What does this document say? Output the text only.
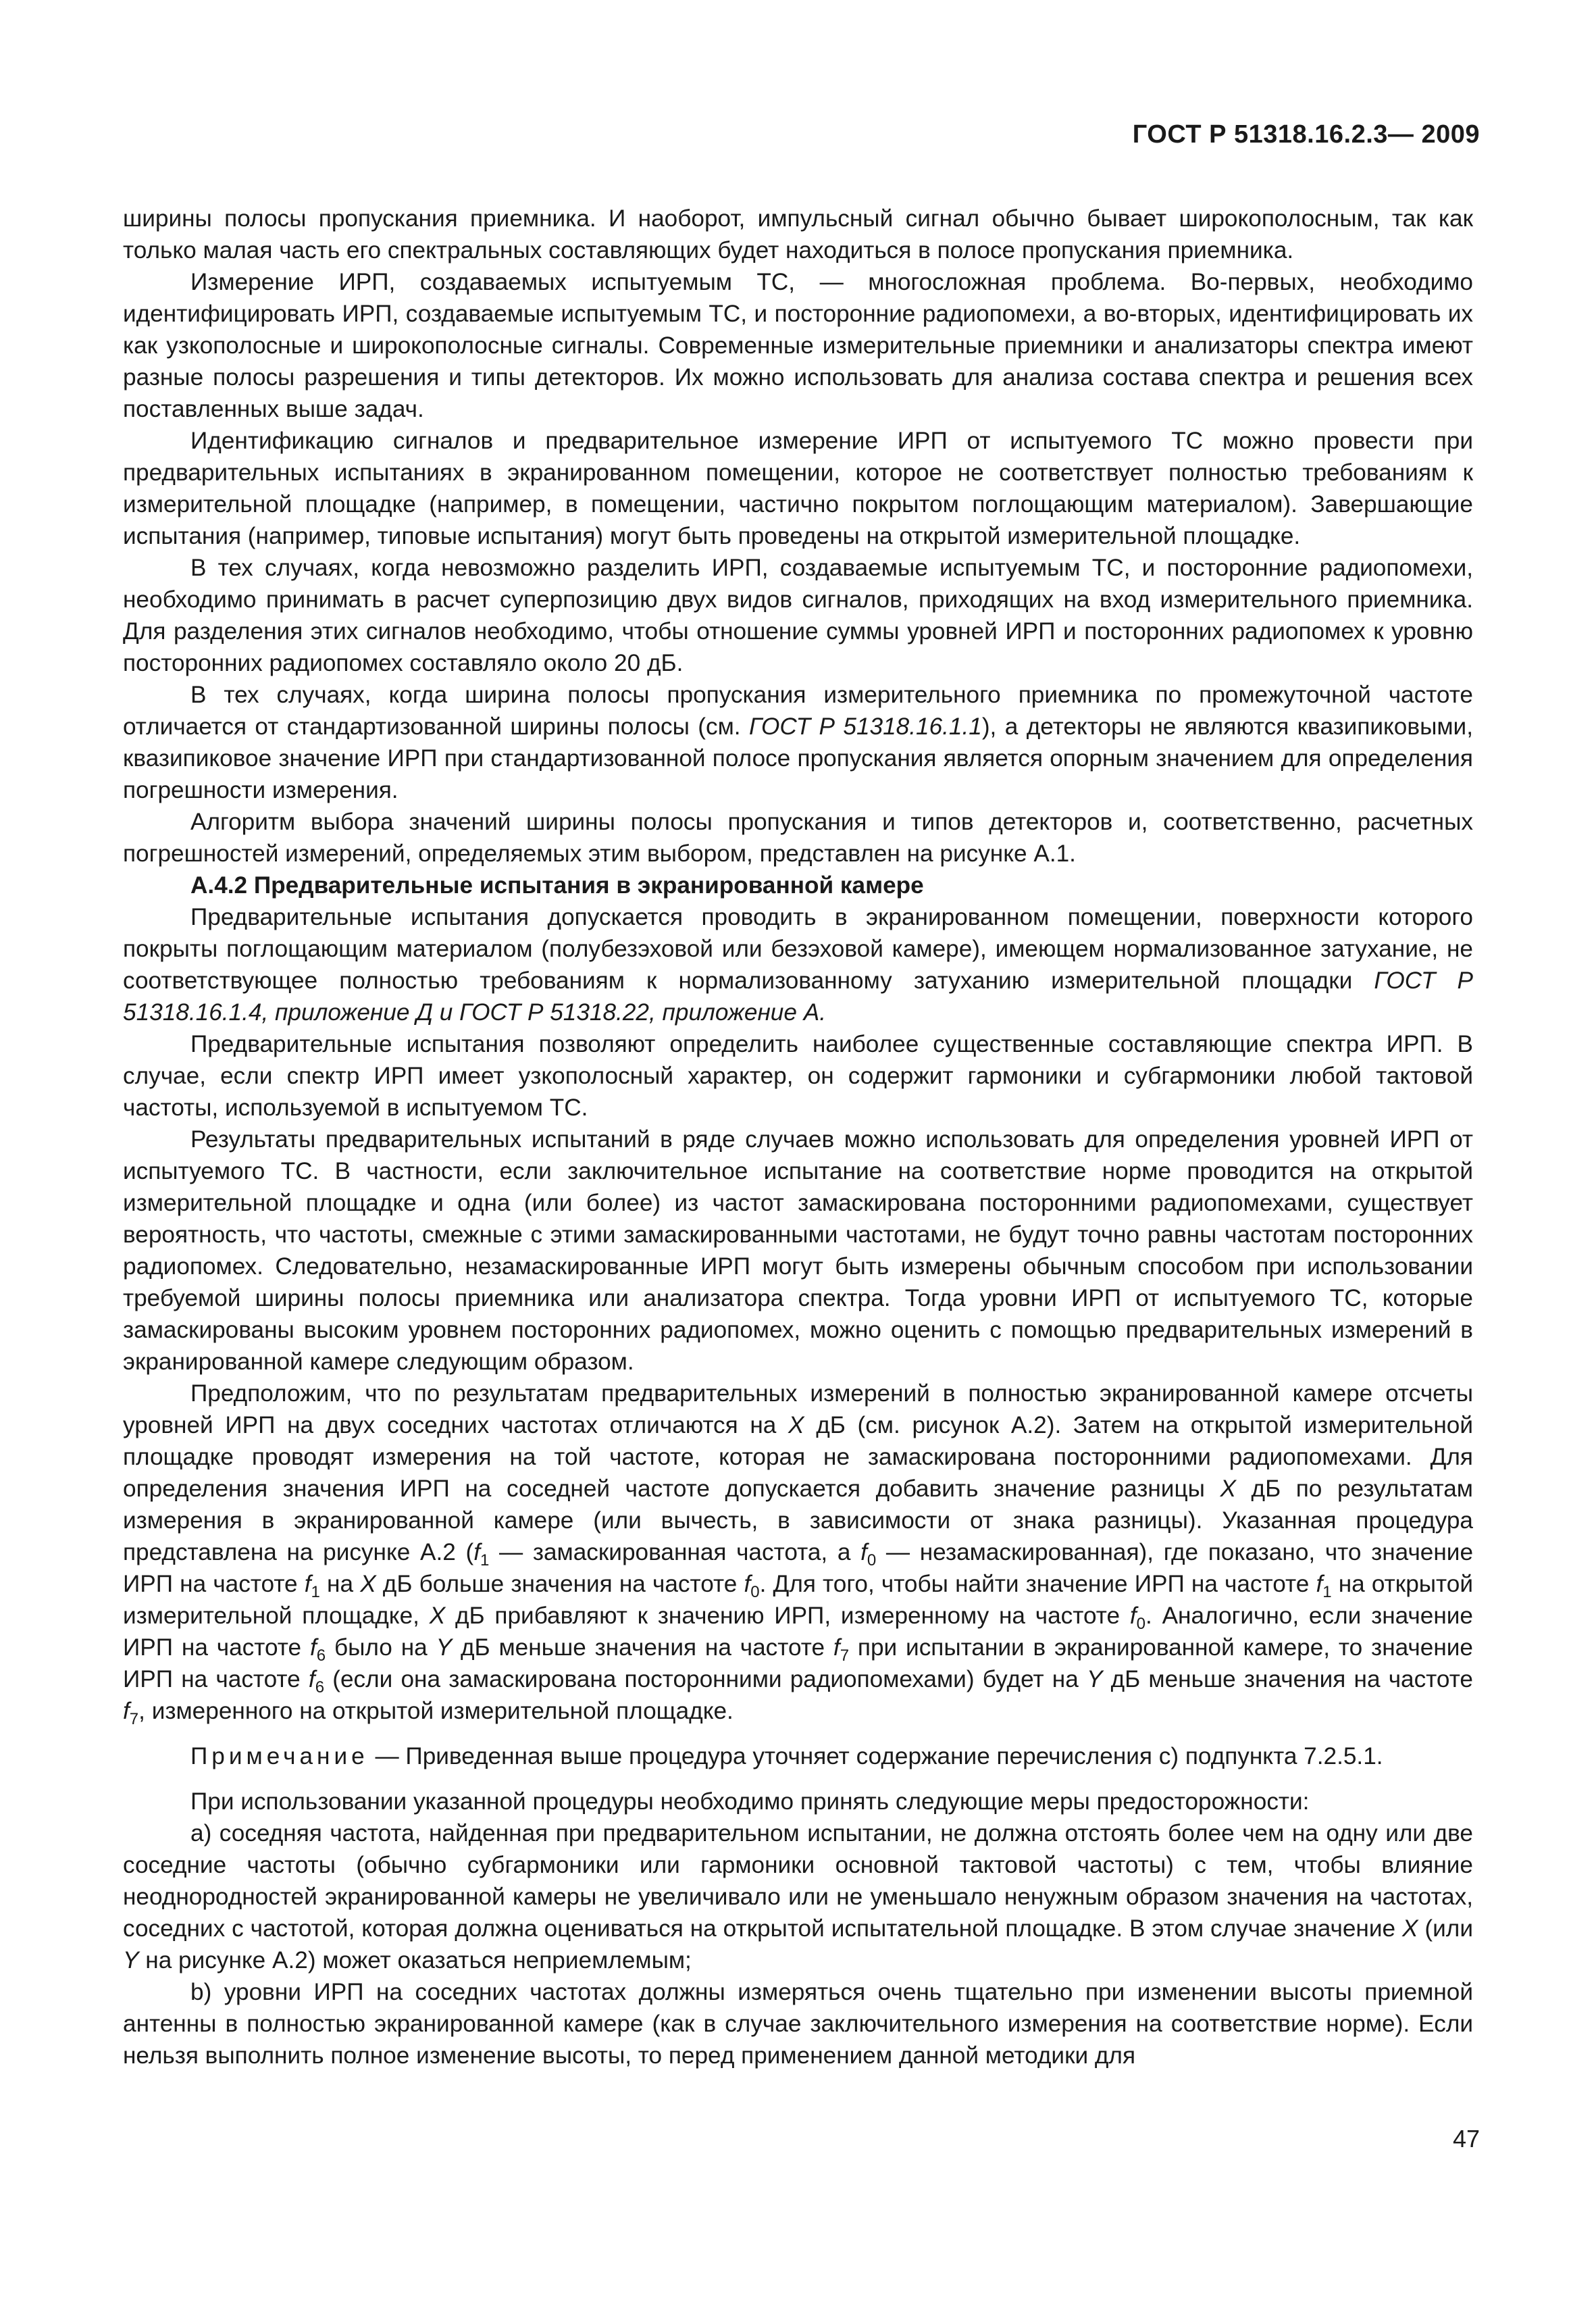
ГОСТ Р 51318.16.2.3— 2009

ширины полосы пропускания приемника. И наоборот, импульсный сигнал обычно бывает широкополосным, так как только малая часть его спектральных составляющих будет находиться в полосе пропускания приемника.

Измерение ИРП, создаваемых испытуемым ТС, — многосложная проблема. Во-первых, необходимо идентифицировать ИРП, создаваемые испытуемым ТС, и посторонние радиопомехи, а во-вторых, идентифицировать их как узкополосные и широкополосные сигналы. Современные измерительные приемники и анализаторы спектра имеют разные полосы разрешения и типы детекторов. Их можно использовать для анализа состава спектра и решения всех поставленных выше задач.

Идентификацию сигналов и предварительное измерение ИРП от испытуемого ТС можно провести при предварительных испытаниях в экранированном помещении, которое не соответствует полностью требованиям к измерительной площадке (например, в помещении, частично покрытом поглощающим материалом). Завершающие испытания (например, типовые испытания) могут быть проведены на открытой измерительной площадке.

В тех случаях, когда невозможно разделить ИРП, создаваемые испытуемым ТС, и посторонние радиопомехи, необходимо принимать в расчет суперпозицию двух видов сигналов, приходящих на вход измерительного приемника. Для разделения этих сигналов необходимо, чтобы отношение суммы уровней ИРП и посторонних радиопомех к уровню посторонних радиопомех составляло около 20 дБ.

В тех случаях, когда ширина полосы пропускания измерительного приемника по промежуточной частоте отличается от стандартизованной ширины полосы (см. ГОСТ Р 51318.16.1.1), а детекторы не являются квазипиковыми, квазипиковое значение ИРП при стандартизованной полосе пропускания является опорным значением для определения погрешности измерения.

Алгоритм выбора значений ширины полосы пропускания и типов детекторов и, соответственно, расчетных погрешностей измерений, определяемых этим выбором, представлен на рисунке А.1.

А.4.2 Предварительные испытания в экранированной камере

Предварительные испытания допускается проводить в экранированном помещении, поверхности которого покрыты поглощающим материалом (полубезэховой или безэховой камере), имеющем нормализованное затухание, не соответствующее полностью требованиям к нормализованному затуханию измерительной площадки ГОСТ Р 51318.16.1.4, приложение Д и ГОСТ Р 51318.22, приложение А.

Предварительные испытания позволяют определить наиболее существенные составляющие спектра ИРП. В случае, если спектр ИРП имеет узкополосный характер, он содержит гармоники и субгармоники любой тактовой частоты, используемой в испытуемом ТС.

Результаты предварительных испытаний в ряде случаев можно использовать для определения уровней ИРП от испытуемого ТС. В частности, если заключительное испытание на соответствие норме проводится на открытой измерительной площадке и одна (или более) из частот замаскирована посторонними радиопомехами, существует вероятность, что частоты, смежные с этими замаскированными частотами, не будут точно равны частотам посторонних радиопомех. Следовательно, незамаскированные ИРП могут быть измерены обычным способом при использовании требуемой ширины полосы приемника или анализатора спектра. Тогда уровни ИРП от испытуемого ТС, которые замаскированы высоким уровнем посторонних радиопомех, можно оценить с помощью предварительных измерений в экранированной камере следующим образом.

Предположим, что по результатам предварительных измерений в полностью экранированной камере отсчеты уровней ИРП на двух соседних частотах отличаются на X дБ (см. рисунок А.2). Затем на открытой измерительной площадке проводят измерения на той частоте, которая не замаскирована посторонними радиопомехами. Для определения значения ИРП на соседней частоте допускается добавить значение разницы X дБ по результатам измерения в экранированной камере (или вычесть, в зависимости от знака разницы). Указанная процедура представлена на рисунке А.2 ($f_1$ — замаскированная частота, а $f_0$ — незамаскированная), где показано, что значение ИРП на частоте $f_1$ на X дБ больше значения на частоте $f_0$. Для того, чтобы найти значение ИРП на частоте $f_1$ на открытой измерительной площадке, X дБ прибавляют к значению ИРП, измеренному на частоте $f_0$. Аналогично, если значение ИРП на частоте $f_6$ было на Y дБ меньше значения на частоте $f_7$ при испытании в экранированной камере, то значение ИРП на частоте $f_6$ (если она замаскирована посторонними радиопомехами) будет на Y дБ меньше значения на частоте $f_7$, измеренного на открытой измерительной площадке.

Примечание — Приведенная выше процедура уточняет содержание перечисления с) подпункта 7.2.5.1.

При использовании указанной процедуры необходимо принять следующие меры предосторожности:

а) соседняя частота, найденная при предварительном испытании, не должна отстоять более чем на одну или две соседние частоты (обычно субгармоники или гармоники основной тактовой частоты) с тем, чтобы влияние неоднородностей экранированной камеры не увеличивало или не уменьшало ненужным образом значения на частотах, соседних с частотой, которая должна оцениваться на открытой испытательной площадке. В этом случае значение X (или Y на рисунке А.2) может оказаться неприемлемым;

b) уровни ИРП на соседних частотах должны измеряться очень тщательно при изменении высоты приемной антенны в полностью экранированной камере (как в случае заключительного измерения на соответствие норме). Если нельзя выполнить полное изменение высоты, то перед применением данной методики для

47
